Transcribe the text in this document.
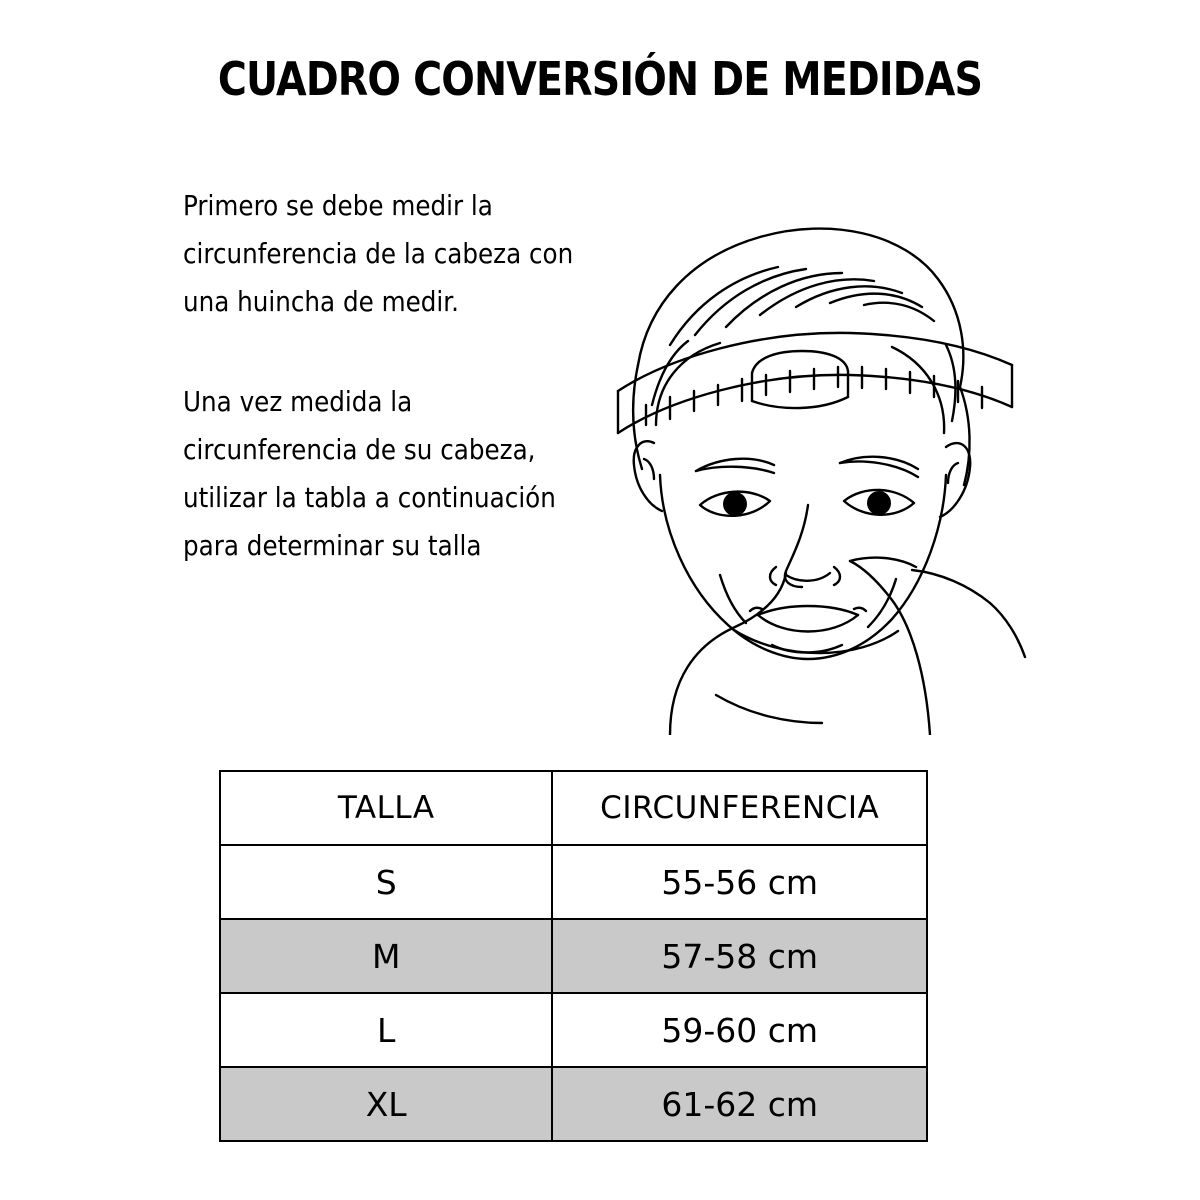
CUADRO CONVERSIÓN DE MEDIDAS
Primero se debe medir la circunferencia de la cabeza con una huincha de medir.
Una vez medida la circunferencia de su cabeza, utilizar la tabla a continuación para determinar su talla
TALLA	CIRCUNFERENCIA
S	55-56 cm
M	57-58 cm
L	59-60 cm
XL	61-62 cm
